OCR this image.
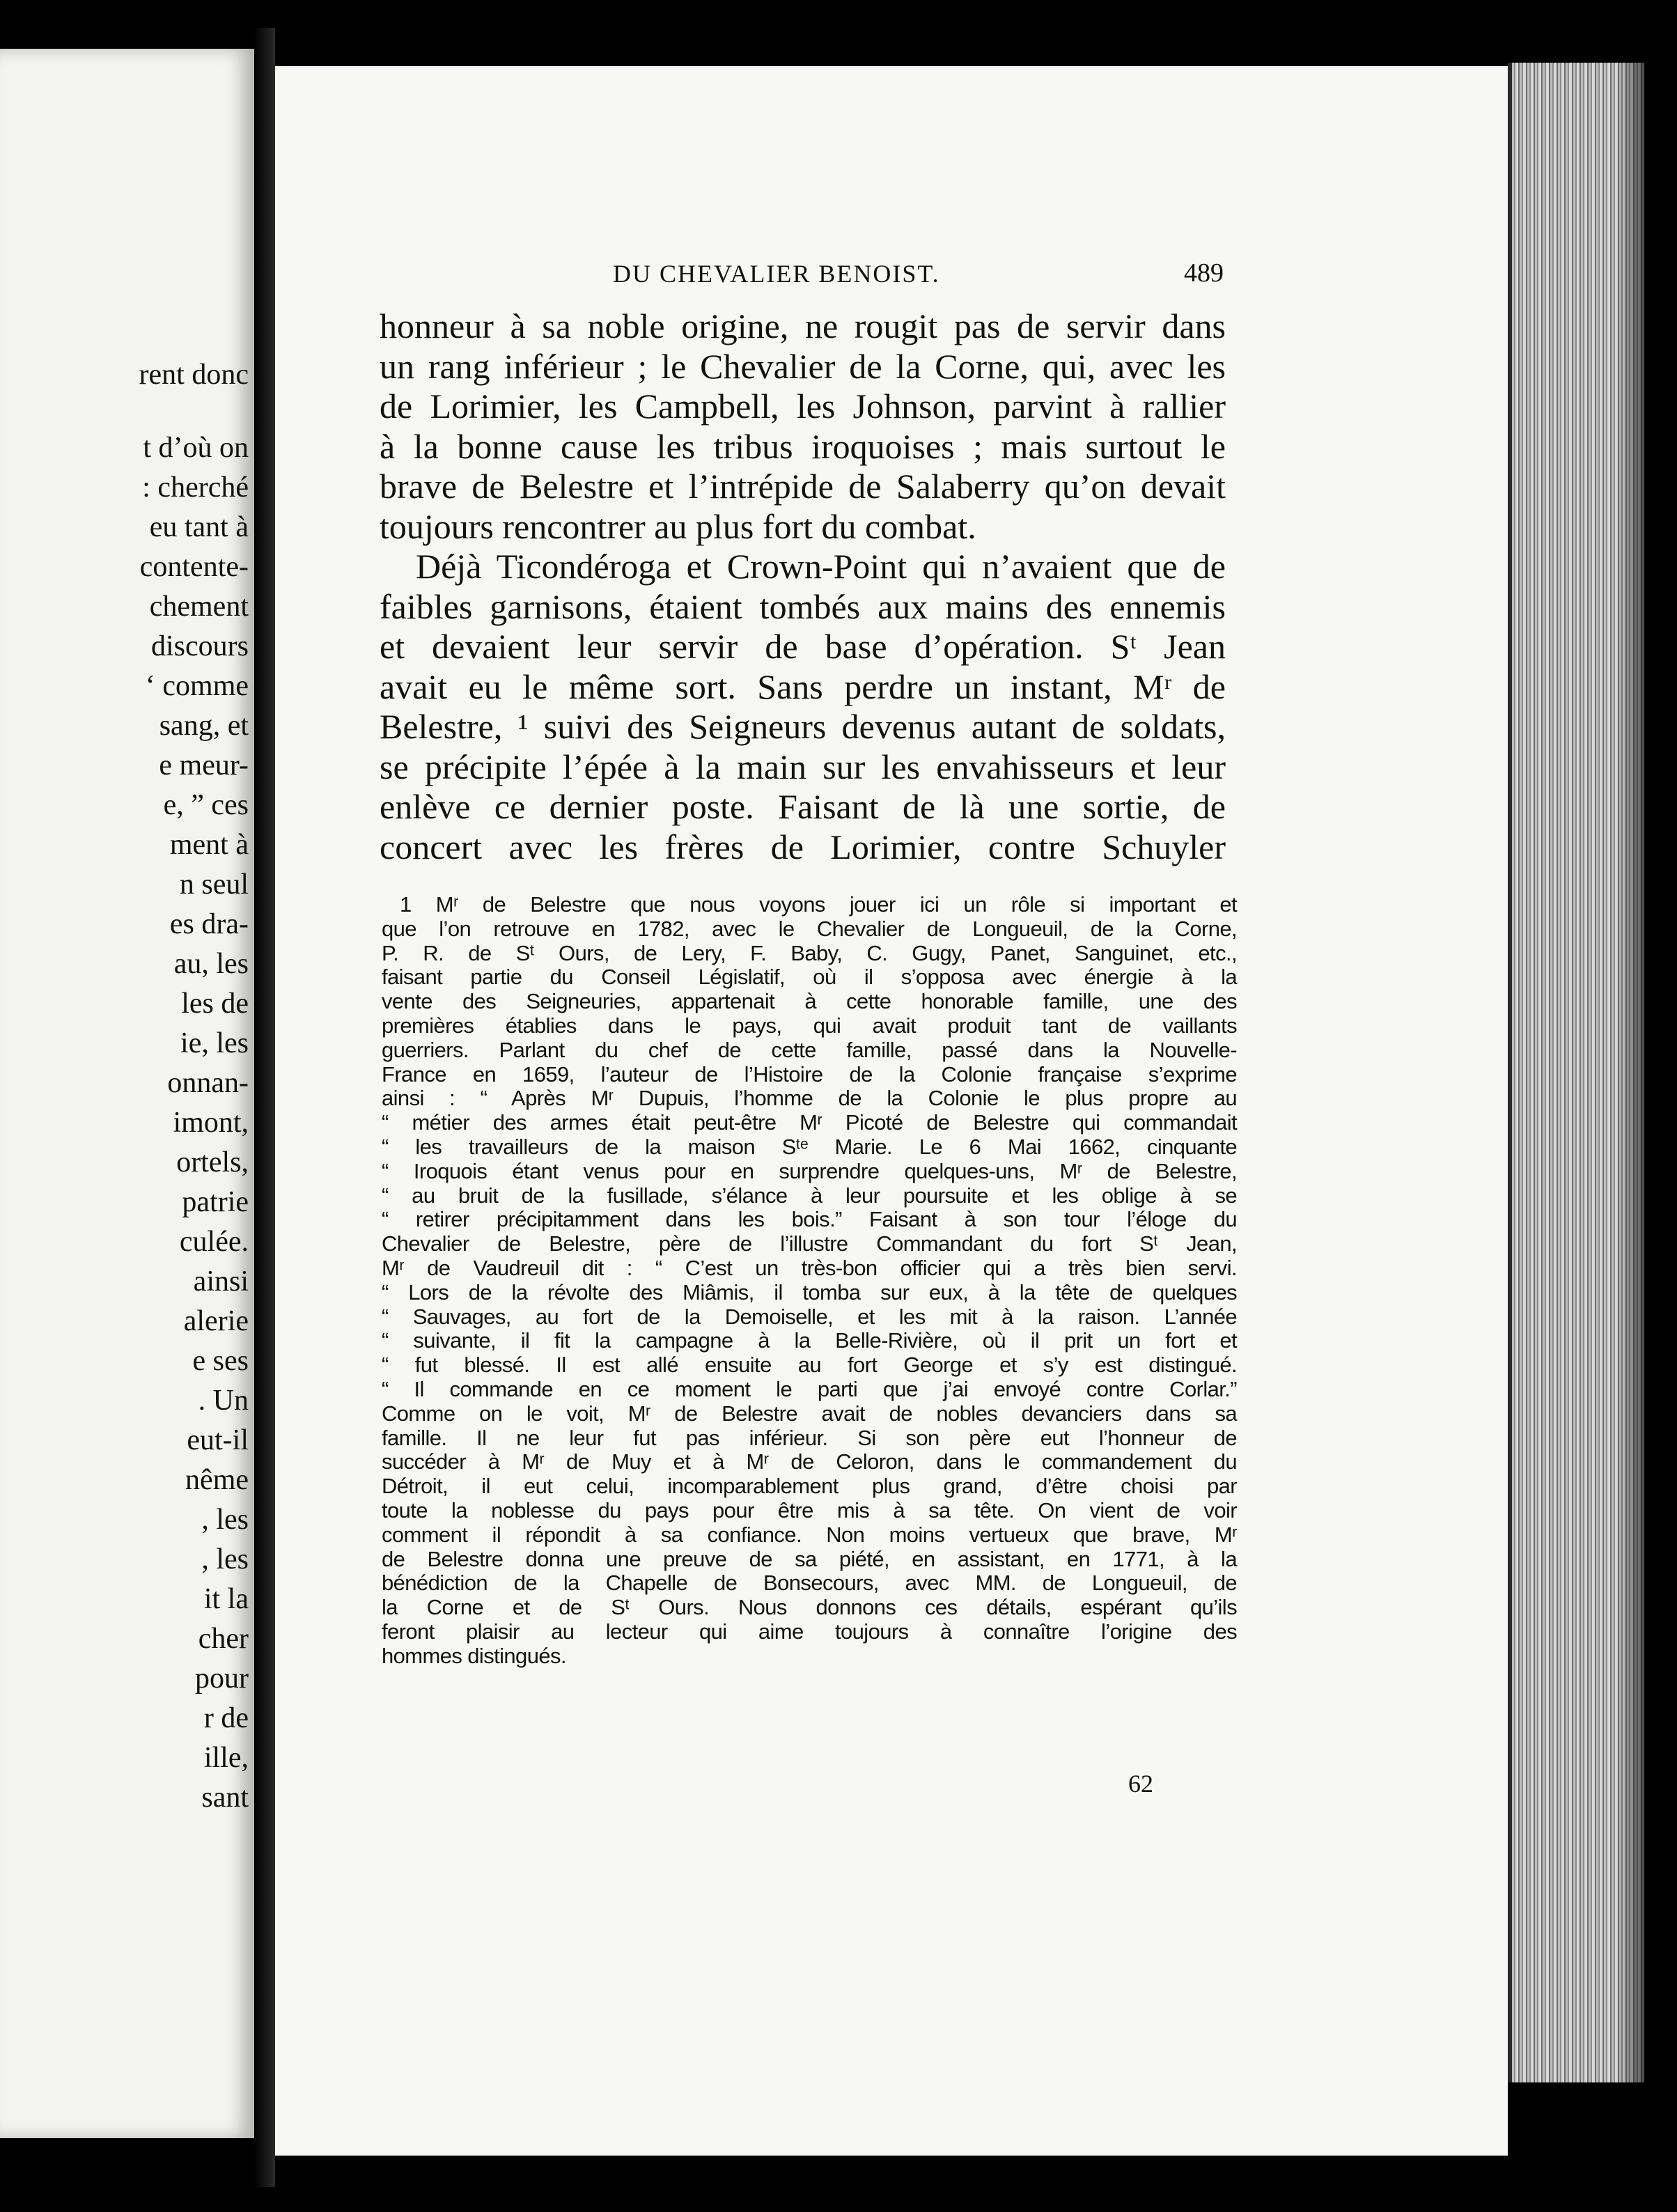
rent donc
t d’où on
: cherché
eu tant à
contente-
chement
discours
‘ comme
sang, et
e meur-
e, ” ces
ment à
n seul
es dra-
au, les
les de
ie, les
onnan-
imont,
ortels,
patrie
culée.
ainsi
alerie
e ses
. Un
eut-il
nême
, les
, les
it la
cher
pour
r de
ille,
sant
DU CHEVALIER BENOIST.	489
honneur à sa noble origine, ne rougit pas de servir dans
un rang inférieur ; le Chevalier de la Corne, qui, avec les
de Lorimier, les Campbell, les Johnson, parvint à rallier
à la bonne cause les tribus iroquoises ; mais surtout le
brave de Belestre et l’intrépide de Salaberry qu’on devait
toujours rencontrer au plus fort du combat.
Déjà Ticondéroga et Crown-Point qui n’avaient que de
faibles garnisons, étaient tombés aux mains des ennemis
et devaient leur servir de base d’opération. Sᵗ Jean
avait eu le même sort. Sans perdre un instant, Mʳ de
Belestre, ¹ suivi des Seigneurs devenus autant de soldats,
se précipite l’épée à la main sur les envahisseurs et leur
enlève ce dernier poste. Faisant de là une sortie, de
concert avec les frères de Lorimier, contre Schuyler
1 Mʳ de Belestre que nous voyons jouer ici un rôle si important et
que l’on retrouve en 1782, avec le Chevalier de Longueuil, de la Corne,
P. R. de Sᵗ Ours, de Lery, F. Baby, C. Gugy, Panet, Sanguinet, etc.,
faisant partie du Conseil Législatif, où il s’opposa avec énergie à la
vente des Seigneuries, appartenait à cette honorable famille, une des
premières établies dans le pays, qui avait produit tant de vaillants
guerriers. Parlant du chef de cette famille, passé dans la Nouvelle-
France en 1659, l’auteur de l’Histoire de la Colonie française s’exprime
ainsi : “ Après Mʳ Dupuis, l’homme de la Colonie le plus propre au
“ métier des armes était peut-être Mʳ Picoté de Belestre qui commandait
“ les travailleurs de la maison Sᵗᵉ Marie. Le 6 Mai 1662, cinquante
“ Iroquois étant venus pour en surprendre quelques-uns, Mʳ de Belestre,
“ au bruit de la fusillade, s’élance à leur poursuite et les oblige à se
“ retirer précipitamment dans les bois.” Faisant à son tour l’éloge du
Chevalier de Belestre, père de l’illustre Commandant du fort Sᵗ Jean,
Mʳ de Vaudreuil dit : “ C’est un très-bon officier qui a très bien servi.
“ Lors de la révolte des Miâmis, il tomba sur eux, à la tête de quelques
“ Sauvages, au fort de la Demoiselle, et les mit à la raison. L’année
“ suivante, il fit la campagne à la Belle-Rivière, où il prit un fort et
“ fut blessé. Il est allé ensuite au fort George et s’y est distingué.
“ Il commande en ce moment le parti que j’ai envoyé contre Corlar.”
Comme on le voit, Mʳ de Belestre avait de nobles devanciers dans sa
famille. Il ne leur fut pas inférieur. Si son père eut l’honneur de
succéder à Mʳ de Muy et à Mʳ de Celoron, dans le commandement du
Détroit, il eut celui, incomparablement plus grand, d’être choisi par
toute la noblesse du pays pour être mis à sa tête. On vient de voir
comment il répondit à sa confiance. Non moins vertueux que brave, Mʳ
de Belestre donna une preuve de sa piété, en assistant, en 1771, à la
bénédiction de la Chapelle de Bonsecours, avec MM. de Longueuil, de
la Corne et de Sᵗ Ours. Nous donnons ces détails, espérant qu’ils
feront plaisir au lecteur qui aime toujours à connaître l’origine des
hommes distingués.
62
